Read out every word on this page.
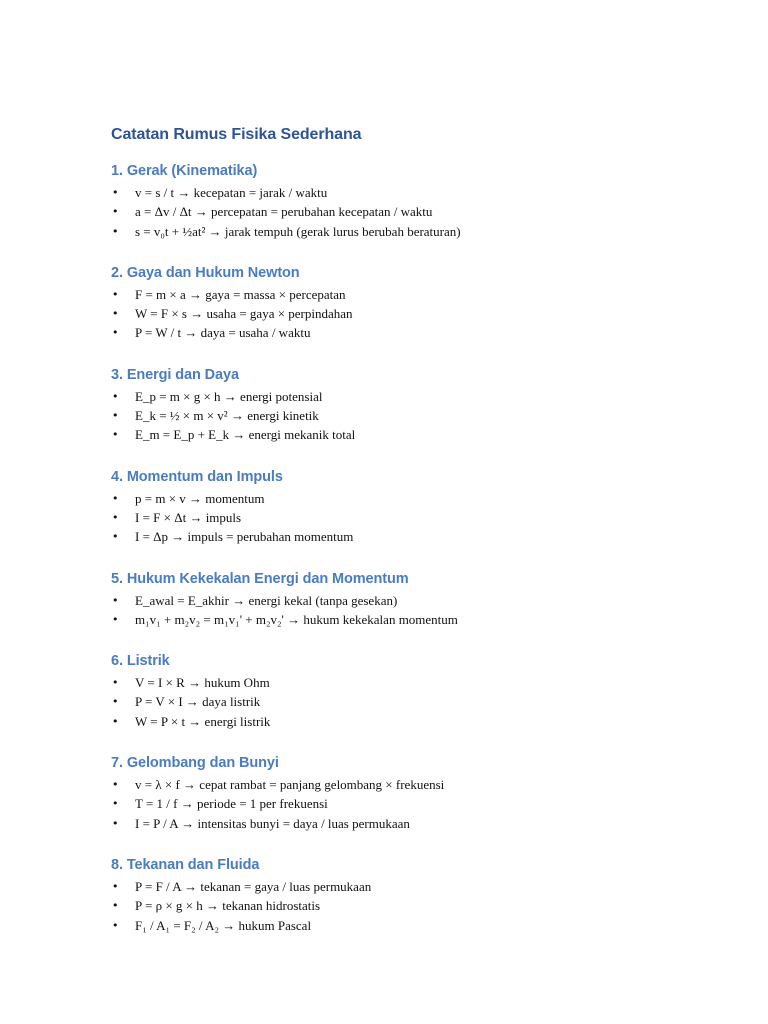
Catatan Rumus Fisika Sederhana
1. Gerak (Kinematika)
• v = s / t → kecepatan = jarak / waktu
• a = Δv / Δt → percepatan = perubahan kecepatan / waktu
• s = v₀t + ½at² → jarak tempuh (gerak lurus berubah beraturan)
2. Gaya dan Hukum Newton
• F = m × a → gaya = massa × percepatan
• W = F × s → usaha = gaya × perpindahan
• P = W / t → daya = usaha / waktu
3. Energi dan Daya
• E_p = m × g × h → energi potensial
• E_k = ½ × m × v² → energi kinetik
• E_m = E_p + E_k → energi mekanik total
4. Momentum dan Impuls
• p = m × v → momentum
• I = F × Δt → impuls
• I = Δp → impuls = perubahan momentum
5. Hukum Kekekalan Energi dan Momentum
• E_awal = E_akhir → energi kekal (tanpa gesekan)
• m₁v₁ + m₂v₂ = m₁v₁' + m₂v₂' → hukum kekekalan momentum
6. Listrik
• V = I × R → hukum Ohm
• P = V × I → daya listrik
• W = P × t → energi listrik
7. Gelombang dan Bunyi
• v = λ × f → cepat rambat = panjang gelombang × frekuensi
• T = 1 / f → periode = 1 per frekuensi
• I = P / A → intensitas bunyi = daya / luas permukaan
8. Tekanan dan Fluida
• P = F / A → tekanan = gaya / luas permukaan
• P = ρ × g × h → tekanan hidrostatis
• F₁ / A₁ = F₂ / A₂ → hukum Pascal
